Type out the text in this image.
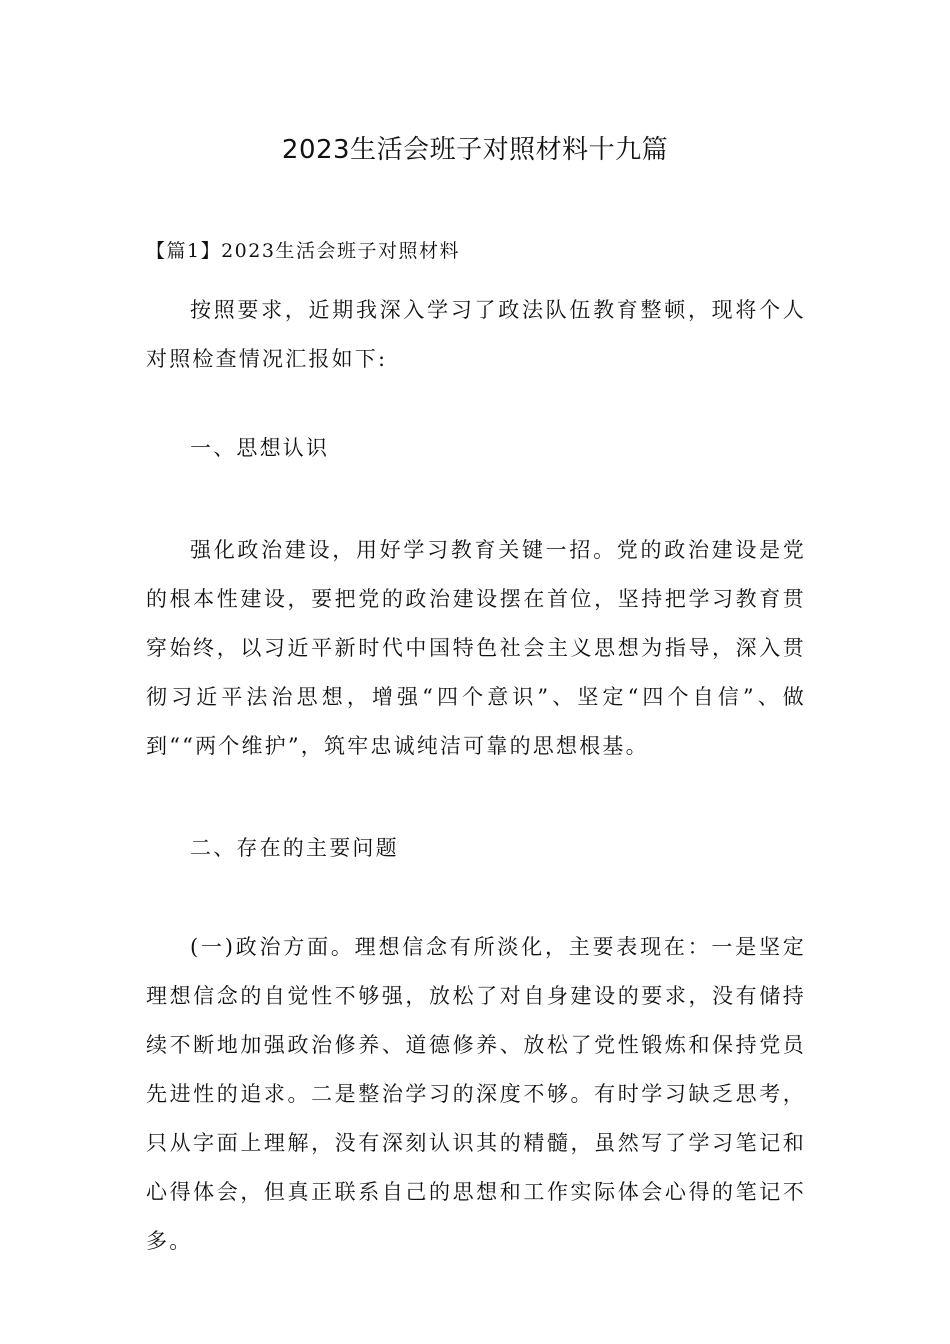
2023生活会班子对照材料十九篇
【篇1】2023生活会班子对照材料
按照要求，近期我深入学习了政法队伍教育整顿，现将个人对照检查情况汇报如下:
一、思想认识
强化政治建设，用好学习教育关键一招。党的政治建设是党的根本性建设，要把党的政治建设摆在首位，坚持把学习教育贯穿始终，以习近平新时代中国特色社会主义思想为指导，深入贯彻习近平法治思想，增强“四个意识”、坚定“四个自信”、做到““两个维护”，筑牢忠诚纯洁可靠的思想根基。
二、存在的主要问题
(一)政治方面。理想信念有所淡化，主要表现在：一是坚定理想信念的自觉性不够强，放松了对自身建设的要求，没有储持续不断地加强政治修养、道德修养、放松了党性锻炼和保持党员先进性的追求。二是整治学习的深度不够。有时学习缺乏思考，只从字面上理解，没有深刻认识其的精髓，虽然写了学习笔记和心得体会，但真正联系自己的思想和工作实际体会心得的笔记不多。
